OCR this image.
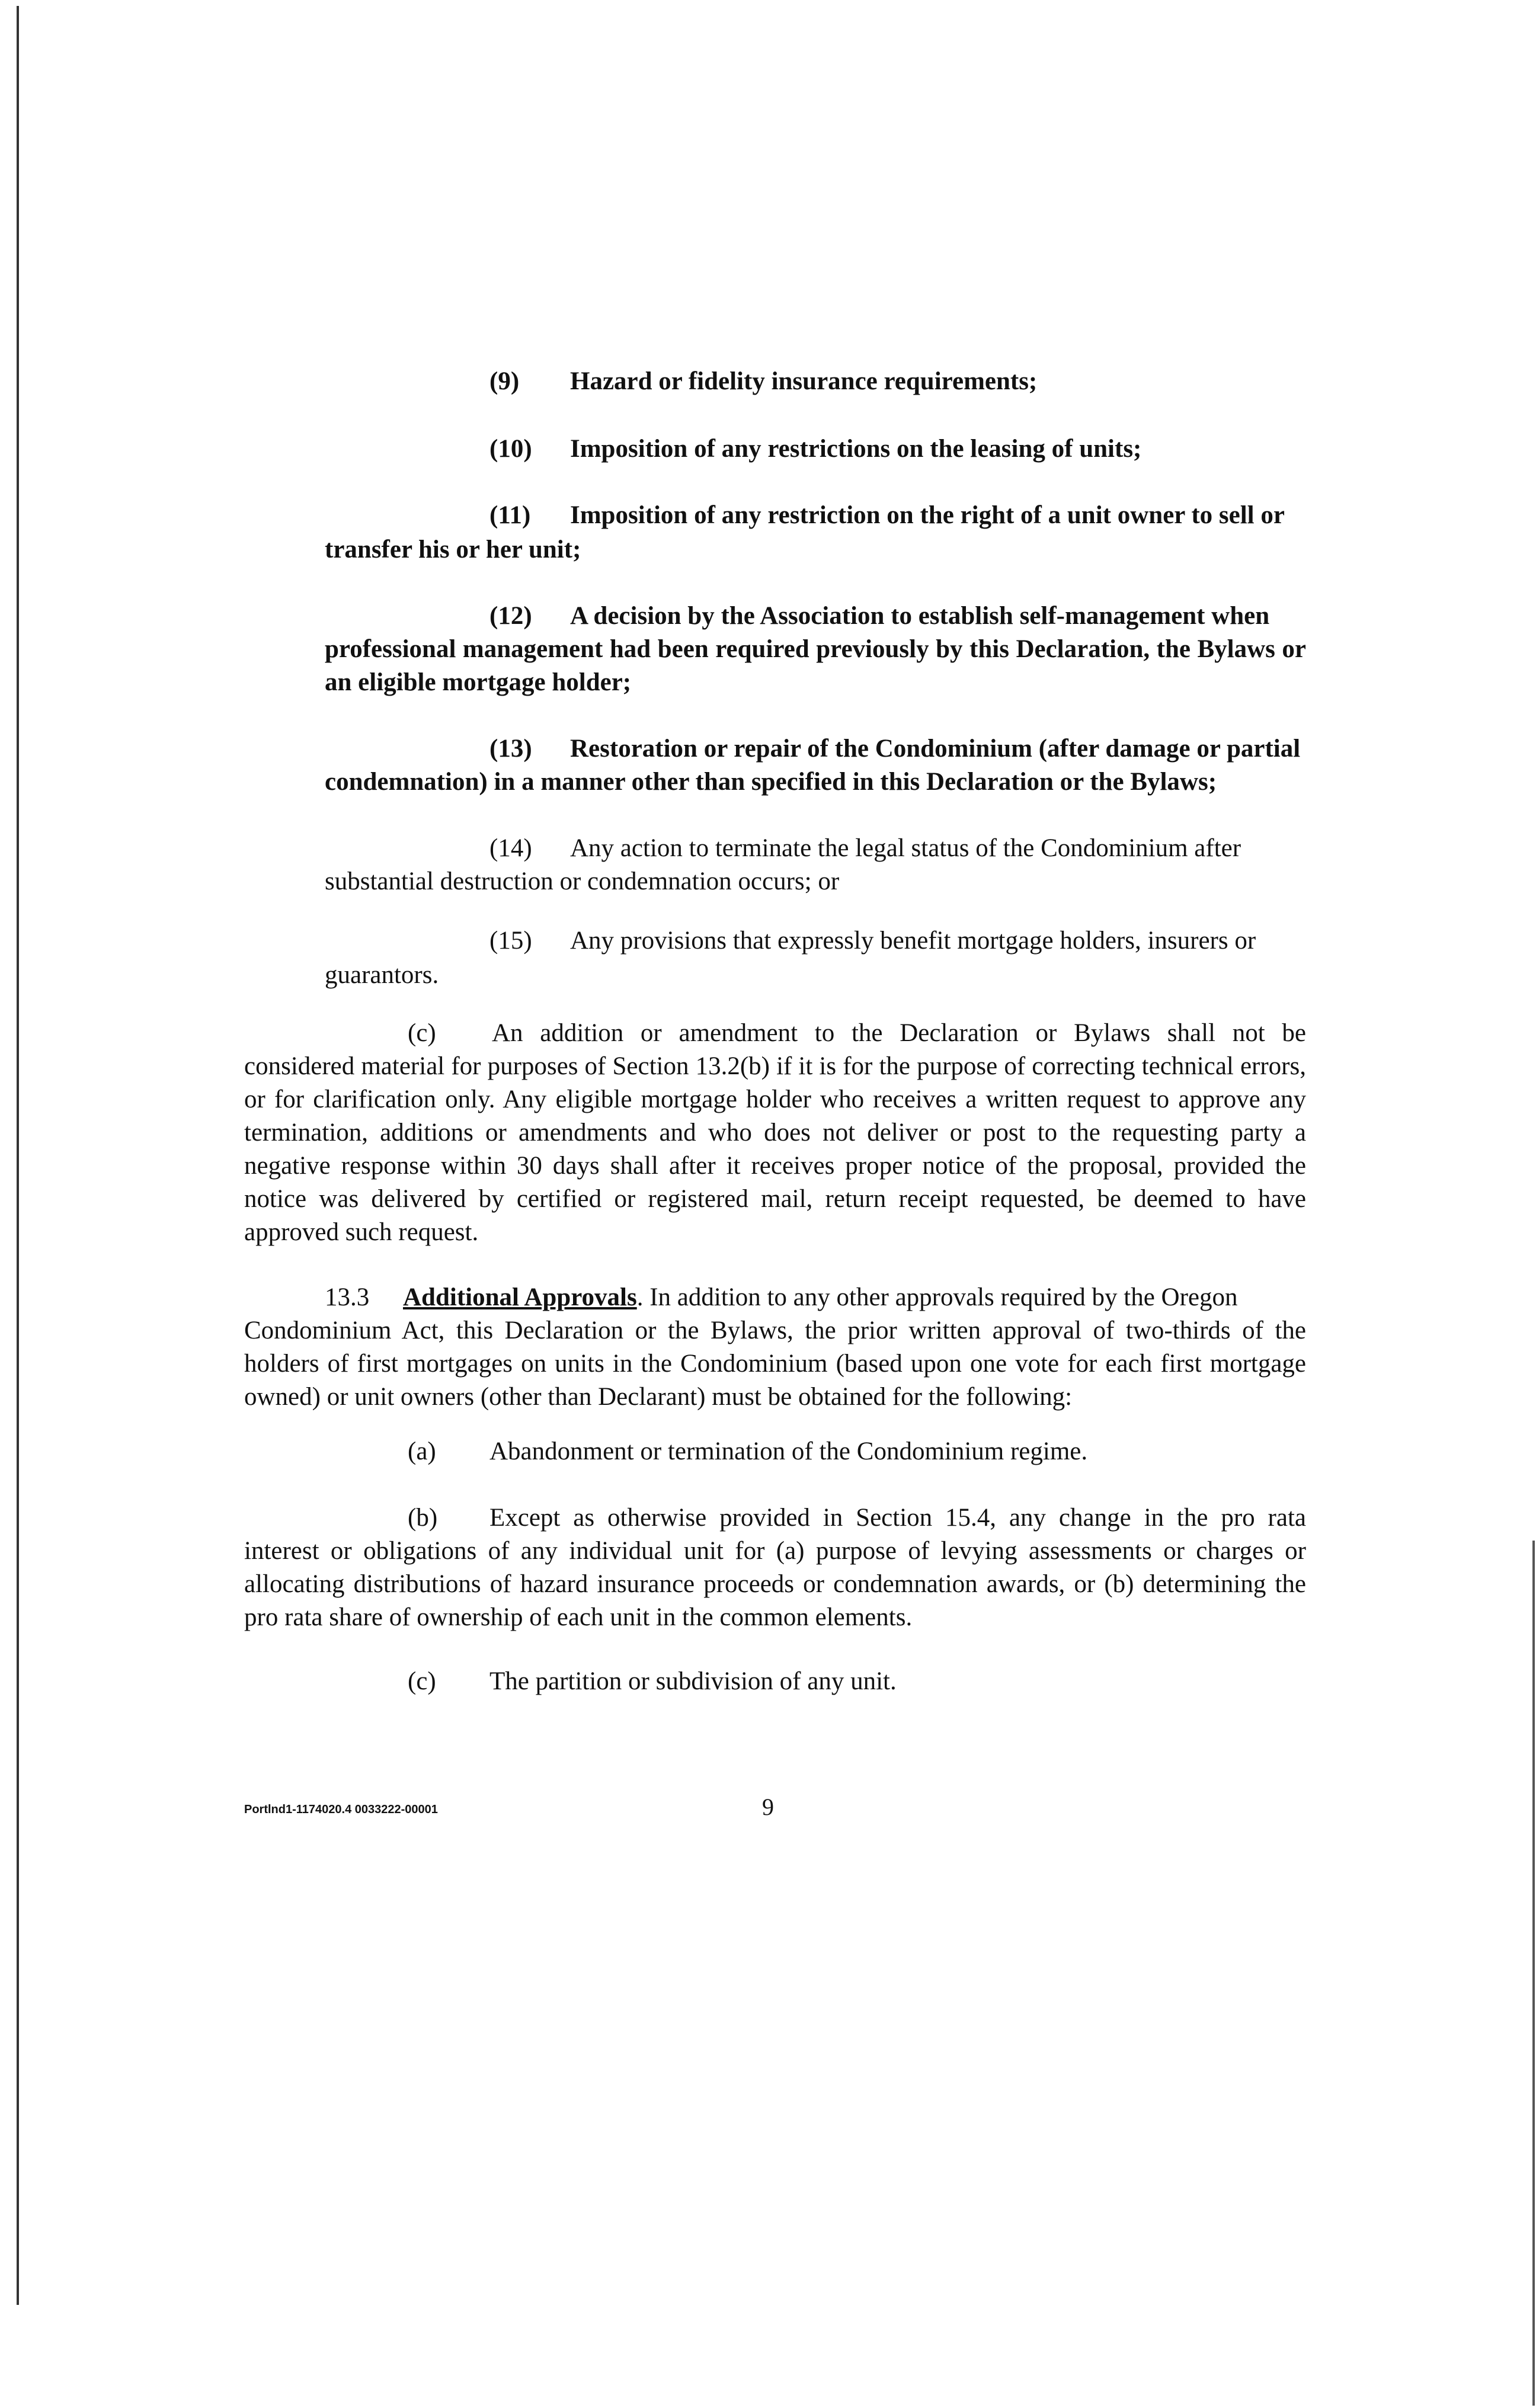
(9) Hazard or fidelity insurance requirements;
(10) Imposition of any restrictions on the leasing of units;
(11) Imposition of any restriction on the right of a unit owner to sell or
transfer his or her unit;
(12) A decision by the Association to establish self-management when

professional management had been required previously by this Declaration, the Bylaws or an eligible mortgage holder;

(13) Restoration or repair of the Condominium (after damage or partial
condemnation) in a manner other than specified in this Declaration or the Bylaws;
(14) Any action to terminate the legal status of the Condominium after
substantial destruction or condemnation occurs; or
(15) Any provisions that expressly benefit mortgage holders, insurers or
guarantors.
(c) An addition or amendment to the Declaration or Bylaws shall not be

considered material for purposes of Section 13.2(b) if it is for the purpose of correcting technical errors, or for clarification only. Any eligible mortgage holder who receives a written request to approve any termination, additions or amendments and who does not deliver or post to the requesting party a negative response within 30 days shall after it receives proper notice of the proposal, provided the notice was delivered by certified or registered mail, return receipt requested, be deemed to have approved such request.

13.3 Additional Approvals. In addition to any other approvals required by the Oregon

Condominium Act, this Declaration or the Bylaws, the prior written approval of two-thirds of the holders of first mortgages on units in the Condominium (based upon one vote for each first mortgage owned) or unit owners (other than Declarant) must be obtained for the following:

(a) Abandonment or termination of the Condominium regime.
(b) Except as otherwise provided in Section 15.4, any change in the pro rata

interest or obligations of any individual unit for (a) purpose of levying assessments or charges or allocating distributions of hazard insurance proceeds or condemnation awards, or (b) determining the pro rata share of ownership of each unit in the common elements.

(c) The partition or subdivision of any unit.
Portlnd1-1174020.4 0033222-00001	9
